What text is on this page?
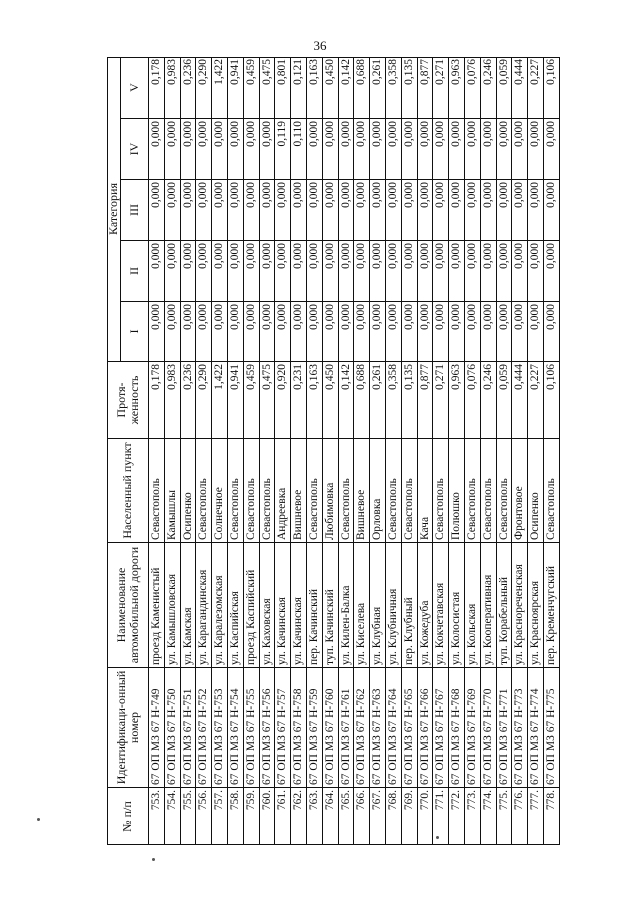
36
№ п/п
Идентификаци-онный номер
Наименование автомобильной дороги
Населенный пункт
Протя-женность
Категория
I
II
III
IV
V
753.
67 ОП МЗ 67 Н-749
проезд Каменистый
Севастополь
0,178
0,000
0,000
0,000
0,000
0,178
754.
67 ОП МЗ 67 Н-750
ул. Камышловская
Камышлы
0,983
0,000
0,000
0,000
0,000
0,983
755.
67 ОП МЗ 67 Н-751
ул. Камская
Осипенко
0,236
0,000
0,000
0,000
0,000
0,236
756.
67 ОП МЗ 67 Н-752
ул. Карагандинская
Севастополь
0,290
0,000
0,000
0,000
0,000
0,290
757.
67 ОП МЗ 67 Н-753
ул. Каралезомская
Солнечное
1,422
0,000
0,000
0,000
0,000
1,422
758.
67 ОП МЗ 67 Н-754
ул. Каспийская
Севастополь
0,941
0,000
0,000
0,000
0,000
0,941
759.
67 ОП МЗ 67 Н-755
проезд Каспийский
Севастополь
0,459
0,000
0,000
0,000
0,000
0,459
760.
67 ОП МЗ 67 Н-756
ул. Каховская
Севастополь
0,475
0,000
0,000
0,000
0,000
0,475
761.
67 ОП МЗ 67 Н-757
ул. Качинская
Андреевка
0,920
0,000
0,000
0,000
0,119
0,801
762.
67 ОП МЗ 67 Н-758
ул. Качинская
Вишневое
0,231
0,000
0,000
0,000
0,110
0,121
763.
67 ОП МЗ 67 Н-759
пер. Качинский
Севастополь
0,163
0,000
0,000
0,000
0,000
0,163
764.
67 ОП МЗ 67 Н-760
туп. Качинский
Любимовка
0,450
0,000
0,000
0,000
0,000
0,450
765.
67 ОП МЗ 67 Н-761
ул. Килен-Балка
Севастополь
0,142
0,000
0,000
0,000
0,000
0,142
766.
67 ОП МЗ 67 Н-762
ул. Киселева
Вишневое
0,688
0,000
0,000
0,000
0,000
0,688
767.
67 ОП МЗ 67 Н-763
ул. Клубная
Орловка
0,261
0,000
0,000
0,000
0,000
0,261
768.
67 ОП МЗ 67 Н-764
ул. Клубничная
Севастополь
0,358
0,000
0,000
0,000
0,000
0,358
769.
67 ОП МЗ 67 Н-765
пер. Клубный
Севастополь
0,135
0,000
0,000
0,000
0,000
0,135
770.
67 ОП МЗ 67 Н-766
ул. Кожедуба
Кача
0,877
0,000
0,000
0,000
0,000
0,877
771.
67 ОП МЗ 67 Н-767
ул. Кокчетавская
Севастополь
0,271
0,000
0,000
0,000
0,000
0,271
772.
67 ОП МЗ 67 Н-768
ул. Колосистая
Полюшко
0,963
0,000
0,000
0,000
0,000
0,963
773.
67 ОП МЗ 67 Н-769
ул. Кольская
Севастополь
0,076
0,000
0,000
0,000
0,000
0,076
774.
67 ОП МЗ 67 Н-770
ул. Кооперативная
Севастополь
0,246
0,000
0,000
0,000
0,000
0,246
775.
67 ОП МЗ 67 Н-771
туп. Корабельный
Севастополь
0,059
0,000
0,000
0,000
0,000
0,059
776.
67 ОП МЗ 67 Н-773
ул. Краснореченская
Фронтовое
0,444
0,000
0,000
0,000
0,000
0,444
777.
67 ОП МЗ 67 Н-774
ул. Красноярская
Осипенко
0,227
0,000
0,000
0,000
0,000
0,227
778.
67 ОП МЗ 67 Н-775
пер. Кременчугский
Севастополь
0,106
0,000
0,000
0,000
0,000
0,106
